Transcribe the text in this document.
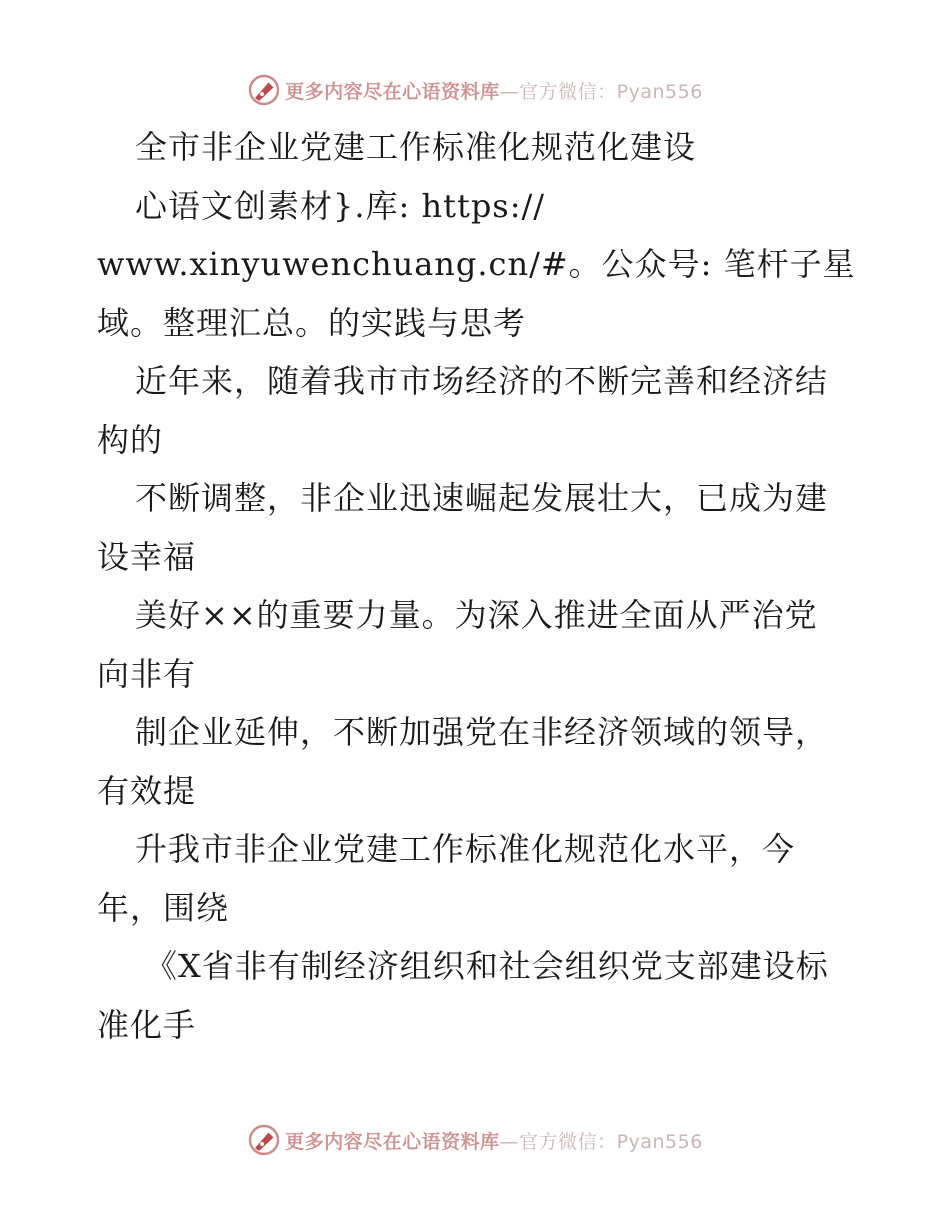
更多内容尽在心语资料库—官方微信：Pyan556
全市非企业党建工作标准化规范化建设
心语文创素材}.库: https://
www.xinyuwenchuang.cn/#。公众号: 笔杆子星
域。整理汇总。的实践与思考
近年来，随着我市市场经济的不断完善和经济结
构的
不断调整，非企业迅速崛起发展壮大，已成为建
设幸福
美好××的重要力量。为深入推进全面从严治党
向非有
制企业延伸，不断加强党在非经济领域的领导，
有效提
升我市非企业党建工作标准化规范化水平，今
年，围绕
《X省非有制经济组织和社会组织党支部建设标
准化手
更多内容尽在心语资料库—官方微信：Pyan556
